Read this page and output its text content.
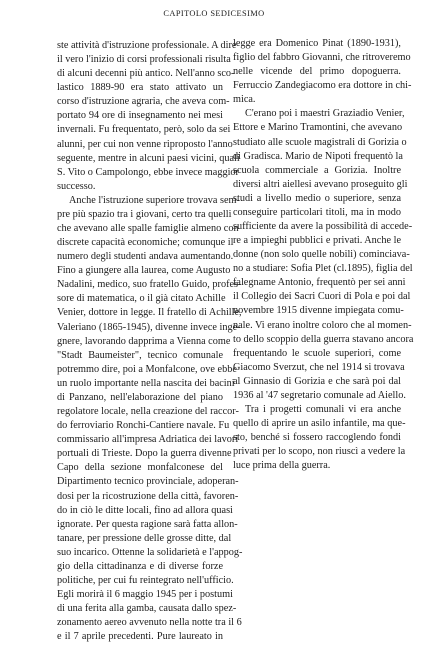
CAPITOLO SEDICESIMO
ste attività d'istruzione professionale. A dire
il vero l'inizio di corsi professionali risulta
di alcuni decenni più antico. Nell'anno sco-
lastico 1889-90 era stato attivato un
corso d'istruzione agraria, che aveva com-
portato 94 ore di insegnamento nei mesi
invernali. Fu frequentato, però, solo da sei
alunni, per cui non venne riproposto l'anno
seguente, mentre in alcuni paesi vicini, quali
S. Vito o Campolongo, ebbe invece maggior
successo.
Anche l'istruzione superiore trovava sem-
pre più spazio tra i giovani, certo tra quelli
che avevano alle spalle famiglie almeno con
discrete capacità economiche; comunque il
numero degli studenti andava aumentando.
Fino a giungere alla laurea, come Augusto
Nadalini, medico, suo fratello Guido, profes-
sore di matematica, o il già citato Achille
Venier, dottore in legge. Il fratello di Achille,
Valeriano (1865-1945), divenne invece inge-
gnere, lavorando dapprima a Vienna come
"Stadt Baumeister", tecnico comunale
potremmo dire, poi a Monfalcone, ove ebbe
un ruolo importante nella nascita dei bacini
di Panzano, nell'elaborazione del piano
regolatore locale, nella creazione del raccor-
do ferroviario Ronchi-Cantiere navale. Fu
commissario all'impresa Adriatica dei lavori
portuali di Trieste. Dopo la guerra divenne
Capo della sezione monfalconese del
Dipartimento tecnico provinciale, adoperan-
dosi per la ricostruzione della città, favoren-
do in ciò le ditte locali, fino ad allora quasi
ignorate. Per questa ragione sarà fatta allon-
tanare, per pressione delle grosse ditte, dal
suo incarico. Ottenne la solidarietà e l'appog-
gio della cittadinanza e di diverse forze
politiche, per cui fu reintegrato nell'ufficio.
Egli morirà il 6 maggio 1945 per i postumi
di una ferita alla gamba, causata dallo spez-
zonamento aereo avvenuto nella notte tra il 6
e il 7 aprile precedenti. Pure laureato in
legge era Domenico Pinat (1890-1931),
figlio del fabbro Giovanni, che ritroveremo
nelle vicende del primo dopoguerra.
Ferruccio Zandegiacomo era dottore in chi-
mica.
C'erano poi i maestri Graziadio Venier,
Ettore e Marino Tramontini, che avevano
studiato alle scuole magistrali di Gorizia o
di Gradisca. Mario de Nipoti frequentò la
scuola commerciale a Gorizia. Inoltre
diversi altri aiellesi avevano proseguito gli
studi a livello medio o superiore, senza
conseguire particolari titoli, ma in modo
sufficiente da avere la possibilità di accede-
re a impieghi pubblici e privati. Anche le
donne (non solo quelle nobili) cominciava-
no a studiare: Sofia Plet (cl.1895), figlia del
falegname Antonio, frequentò per sei anni
il Collegio dei Sacri Cuori di Pola e poi dal
novembre 1915 divenne impiegata comu-
nale. Vi erano inoltre coloro che al momen-
to dello scoppio della guerra stavano ancora
frequentando le scuole superiori, come
Giacomo Sverzut, che nel 1914 si trovava
al Ginnasio di Gorizia e che sarà poi dal
1936 al '47 segretario comunale ad Aiello.
Tra i progetti comunali vi era anche
quello di aprire un asilo infantile, ma que-
sto, benché si fossero raccoglendo fondi
privati per lo scopo, non riuscì a vedere la
luce prima della guerra.
